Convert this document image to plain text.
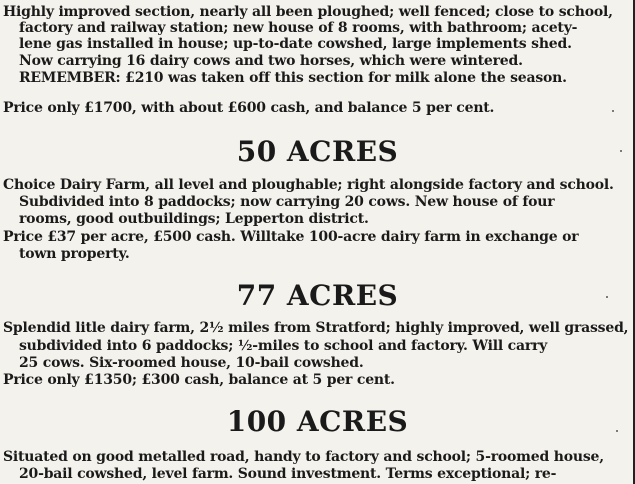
Highly improved section, nearly all been ploughed; well fenced; close to school,
factory and railway station; new house of 8 rooms, with bathroom; acety-
lene gas installed in house; up-to-date cowshed, large implements shed.
Now carrying 16 dairy cows and two horses, which were wintered.
REMEMBER: £210 was taken off this section for milk alone the season.
Price only £1700, with about £600 cash, and balance 5 per cent.
50 ACRES
Choice Dairy Farm, all level and ploughable; right alongside factory and school.
Subdivided into 8 paddocks; now carrying 20 cows. New house of four
rooms, good outbuildings; Lepperton district.
Price £37 per acre, £500 cash. Willtake 100-acre dairy farm in exchange or
town property.
77 ACRES
Splendid litle dairy farm, 2½ miles from Stratford; highly improved, well grassed,
subdivided into 6 paddocks; ½-miles to school and factory. Will carry
25 cows. Six-roomed house, 10-bail cowshed.
Price only £1350; £300 cash, balance at 5 per cent.
100 ACRES
Situated on good metalled road, handy to factory and school; 5-roomed house,
20-bail cowshed, level farm. Sound investment. Terms exceptional; re-
